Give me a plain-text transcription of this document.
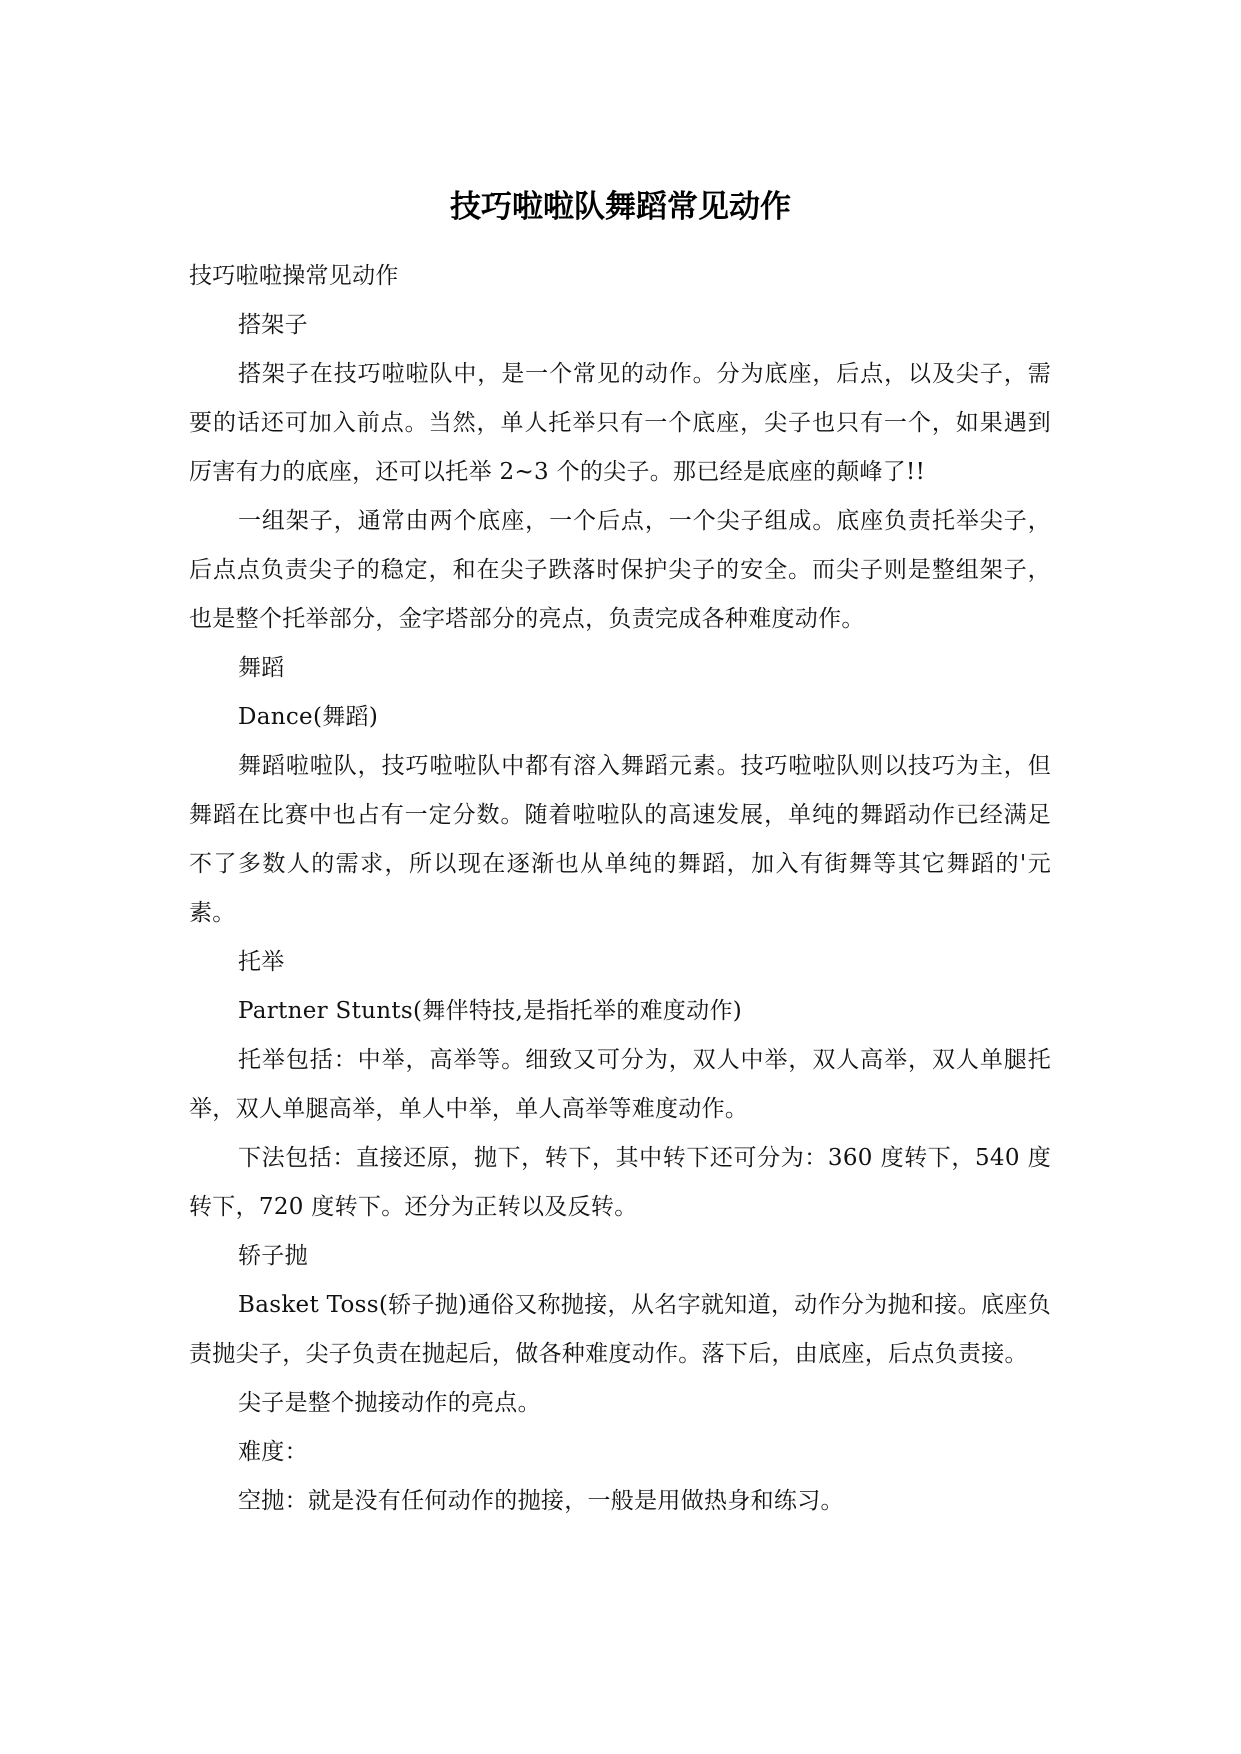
技巧啦啦队舞蹈常见动作

技巧啦啦操常见动作

搭架子

搭架子在技巧啦啦队中，是一个常见的动作。分为底座，后点，以及尖子，需要的话还可加入前点。当然，单人托举只有一个底座，尖子也只有一个，如果遇到厉害有力的底座，还可以托举 2~3 个的尖子。那已经是底座的颠峰了!!

一组架子，通常由两个底座，一个后点，一个尖子组成。底座负责托举尖子，后点点负责尖子的稳定，和在尖子跌落时保护尖子的安全。而尖子则是整组架子，也是整个托举部分，金字塔部分的亮点，负责完成各种难度动作。

舞蹈

Dance(舞蹈)

舞蹈啦啦队，技巧啦啦队中都有溶入舞蹈元素。技巧啦啦队则以技巧为主，但舞蹈在比赛中也占有一定分数。随着啦啦队的高速发展，单纯的舞蹈动作已经满足不了多数人的需求，所以现在逐渐也从单纯的舞蹈，加入有街舞等其它舞蹈的'元素。

托举

Partner Stunts(舞伴特技,是指托举的难度动作)

托举包括：中举，高举等。细致又可分为，双人中举，双人高举，双人单腿托举，双人单腿高举，单人中举，单人高举等难度动作。

下法包括：直接还原，抛下，转下，其中转下还可分为：360 度转下，540 度转下，720 度转下。还分为正转以及反转。

轿子抛

Basket Toss(轿子抛)通俗又称抛接，从名字就知道，动作分为抛和接。底座负责抛尖子，尖子负责在抛起后，做各种难度动作。落下后，由底座，后点负责接。

尖子是整个抛接动作的亮点。

难度：

空抛：就是没有任何动作的抛接，一般是用做热身和练习。
